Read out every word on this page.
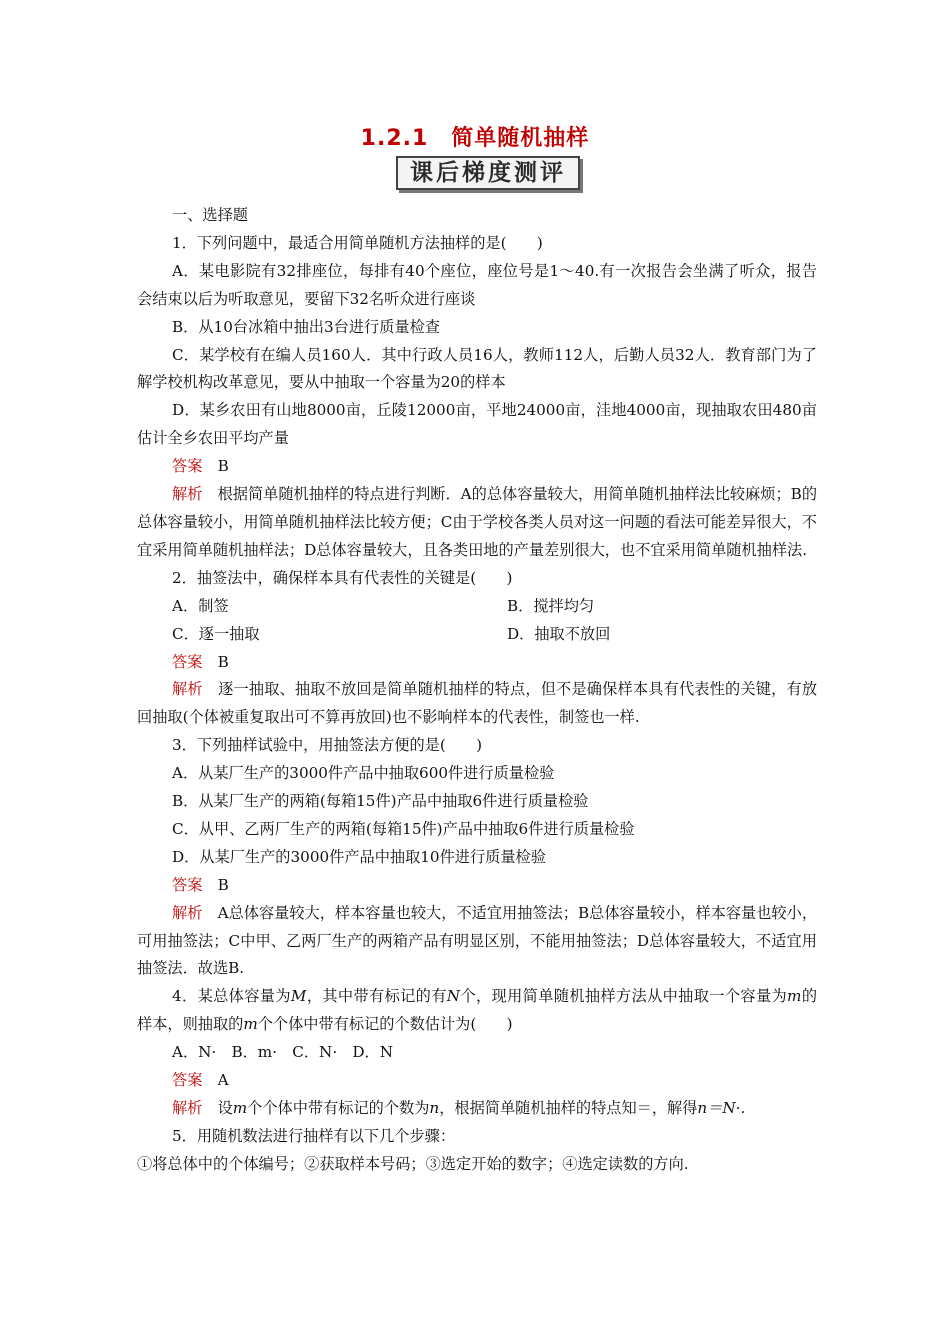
1.2.1　简单随机抽样
课后梯度测评

一、选择题

1．下列问题中，最适合用简单随机方法抽样的是(　　)

A．某电影院有32排座位，每排有40个座位，座位号是1～40.有一次报告会坐满了听众，报告会结束以后为听取意见，要留下32名听众进行座谈

B．从10台冰箱中抽出3台进行质量检查

C．某学校有在编人员160人．其中行政人员16人，教师112人，后勤人员32人．教育部门为了解学校机构改革意见，要从中抽取一个容量为20的样本

D．某乡农田有山地8000亩，丘陵12000亩，平地24000亩，洼地4000亩，现抽取农田480亩估计全乡农田平均产量

答案　 B

解析　 根据简单随机抽样的特点进行判断．A的总体容量较大，用简单随机抽样法比较麻烦；B的总体容量较小，用简单随机抽样法比较方便；C由于学校各类人员对这一问题的看法可能差异很大，不宜采用简单随机抽样法；D总体容量较大，且各类田地的产量差别很大，也不宜采用简单随机抽样法.

2．抽签法中，确保样本具有代表性的关键是(　　)

A．制签	B．搅拌均匀
C．逐一抽取	D．抽取不放回

答案　 B

解析　 逐一抽取、抽取不放回是简单随机抽样的特点，但不是确保样本具有代表性的关键，有放回抽取(个体被重复取出可不算再放回)也不影响样本的代表性，制签也一样.

3．下列抽样试验中，用抽签法方便的是(　　)

A．从某厂生产的3000件产品中抽取600件进行质量检验

B．从某厂生产的两箱(每箱15件)产品中抽取6件进行质量检验

C．从甲、乙两厂生产的两箱(每箱15件)产品中抽取6件进行质量检验

D．从某厂生产的3000件产品中抽取10件进行质量检验

答案　 B

解析　 A总体容量较大，样本容量也较大，不适宜用抽签法；B总体容量较小，样本容量也较小，可用抽签法；C中甲、乙两厂生产的两箱产品有明显区别，不能用抽签法；D总体容量较大，不适宜用抽签法．故选B.

4．某总体容量为M，其中带有标记的有N个，现用简单随机抽样方法从中抽取一个容量为m的样本，则抽取的m个个体中带有标记的个数估计为(　　)

A．N·　B．m·　C．N·　D．N

答案　 A

解析　 设m个个体中带有标记的个数为n，根据简单随机抽样的特点知＝，解得n＝N·.

5．用随机数法进行抽样有以下几个步骤：

①将总体中的个体编号；②获取样本号码；③选定开始的数字；④选定读数的方向.
